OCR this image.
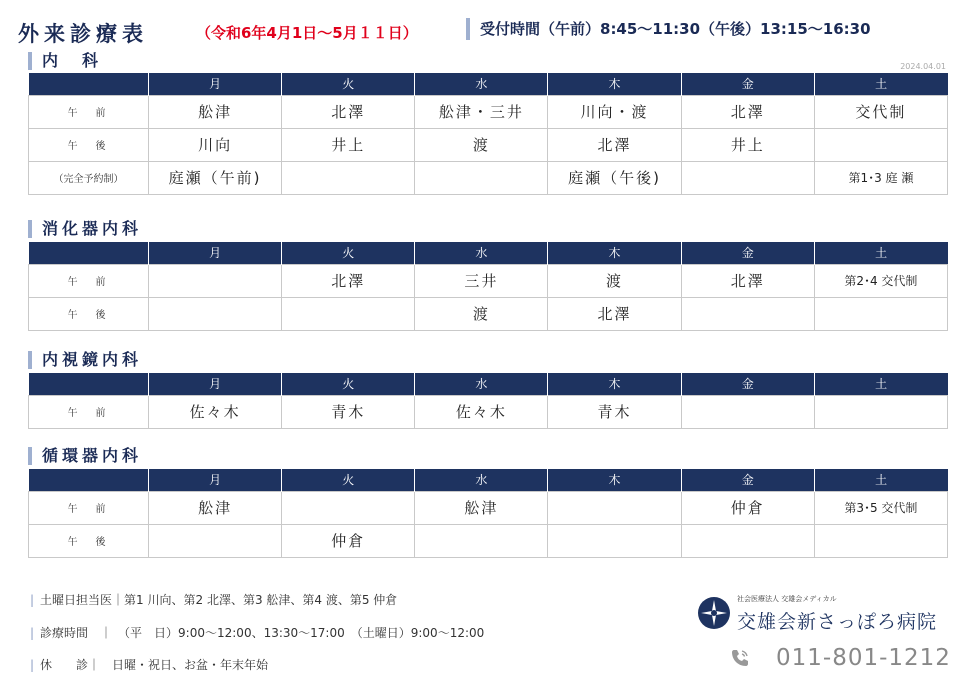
外来診療表	（令和6年4月1日～5月１１日）	受付時間（午前）8:45～11:30（午後）13:15～16:30
2024.04.01
内　科
	月	火	水	木	金	土
午　前	舩津	北澤	舩津・三井	川向・渡	北澤	交代制
午　後	川向	井上	渡	北澤	井上	
（完全予約制）	庭瀬（午前)			庭瀬（午後)		第1･3 庭 瀬
消化器内科
	月	火	水	木	金	土
午　前		北澤	三井	渡	北澤	第2･4 交代制
午　後			渡	北澤		
内視鏡内科
	月	火	水	木	金	土
午　前	佐々木	青木	佐々木	青木		
循環器内科
	月	火	水	木	金	土
午　前	舩津		舩津		仲倉	第3･5 交代制
午　後		仲倉				
| 土曜日担当医｜第1 川向、第2 北澤、第3 舩津、第4 渡、第5 仲倉
| 診療時間　｜　（平　日）9:00～12:00、13:30～17:00　（土曜日）9:00～12:00
| 休　　診｜　日曜・祝日、お盆・年末年始
社会医療法人 交雄会メディカル
交雄会新さっぽろ病院
011-801-1212
